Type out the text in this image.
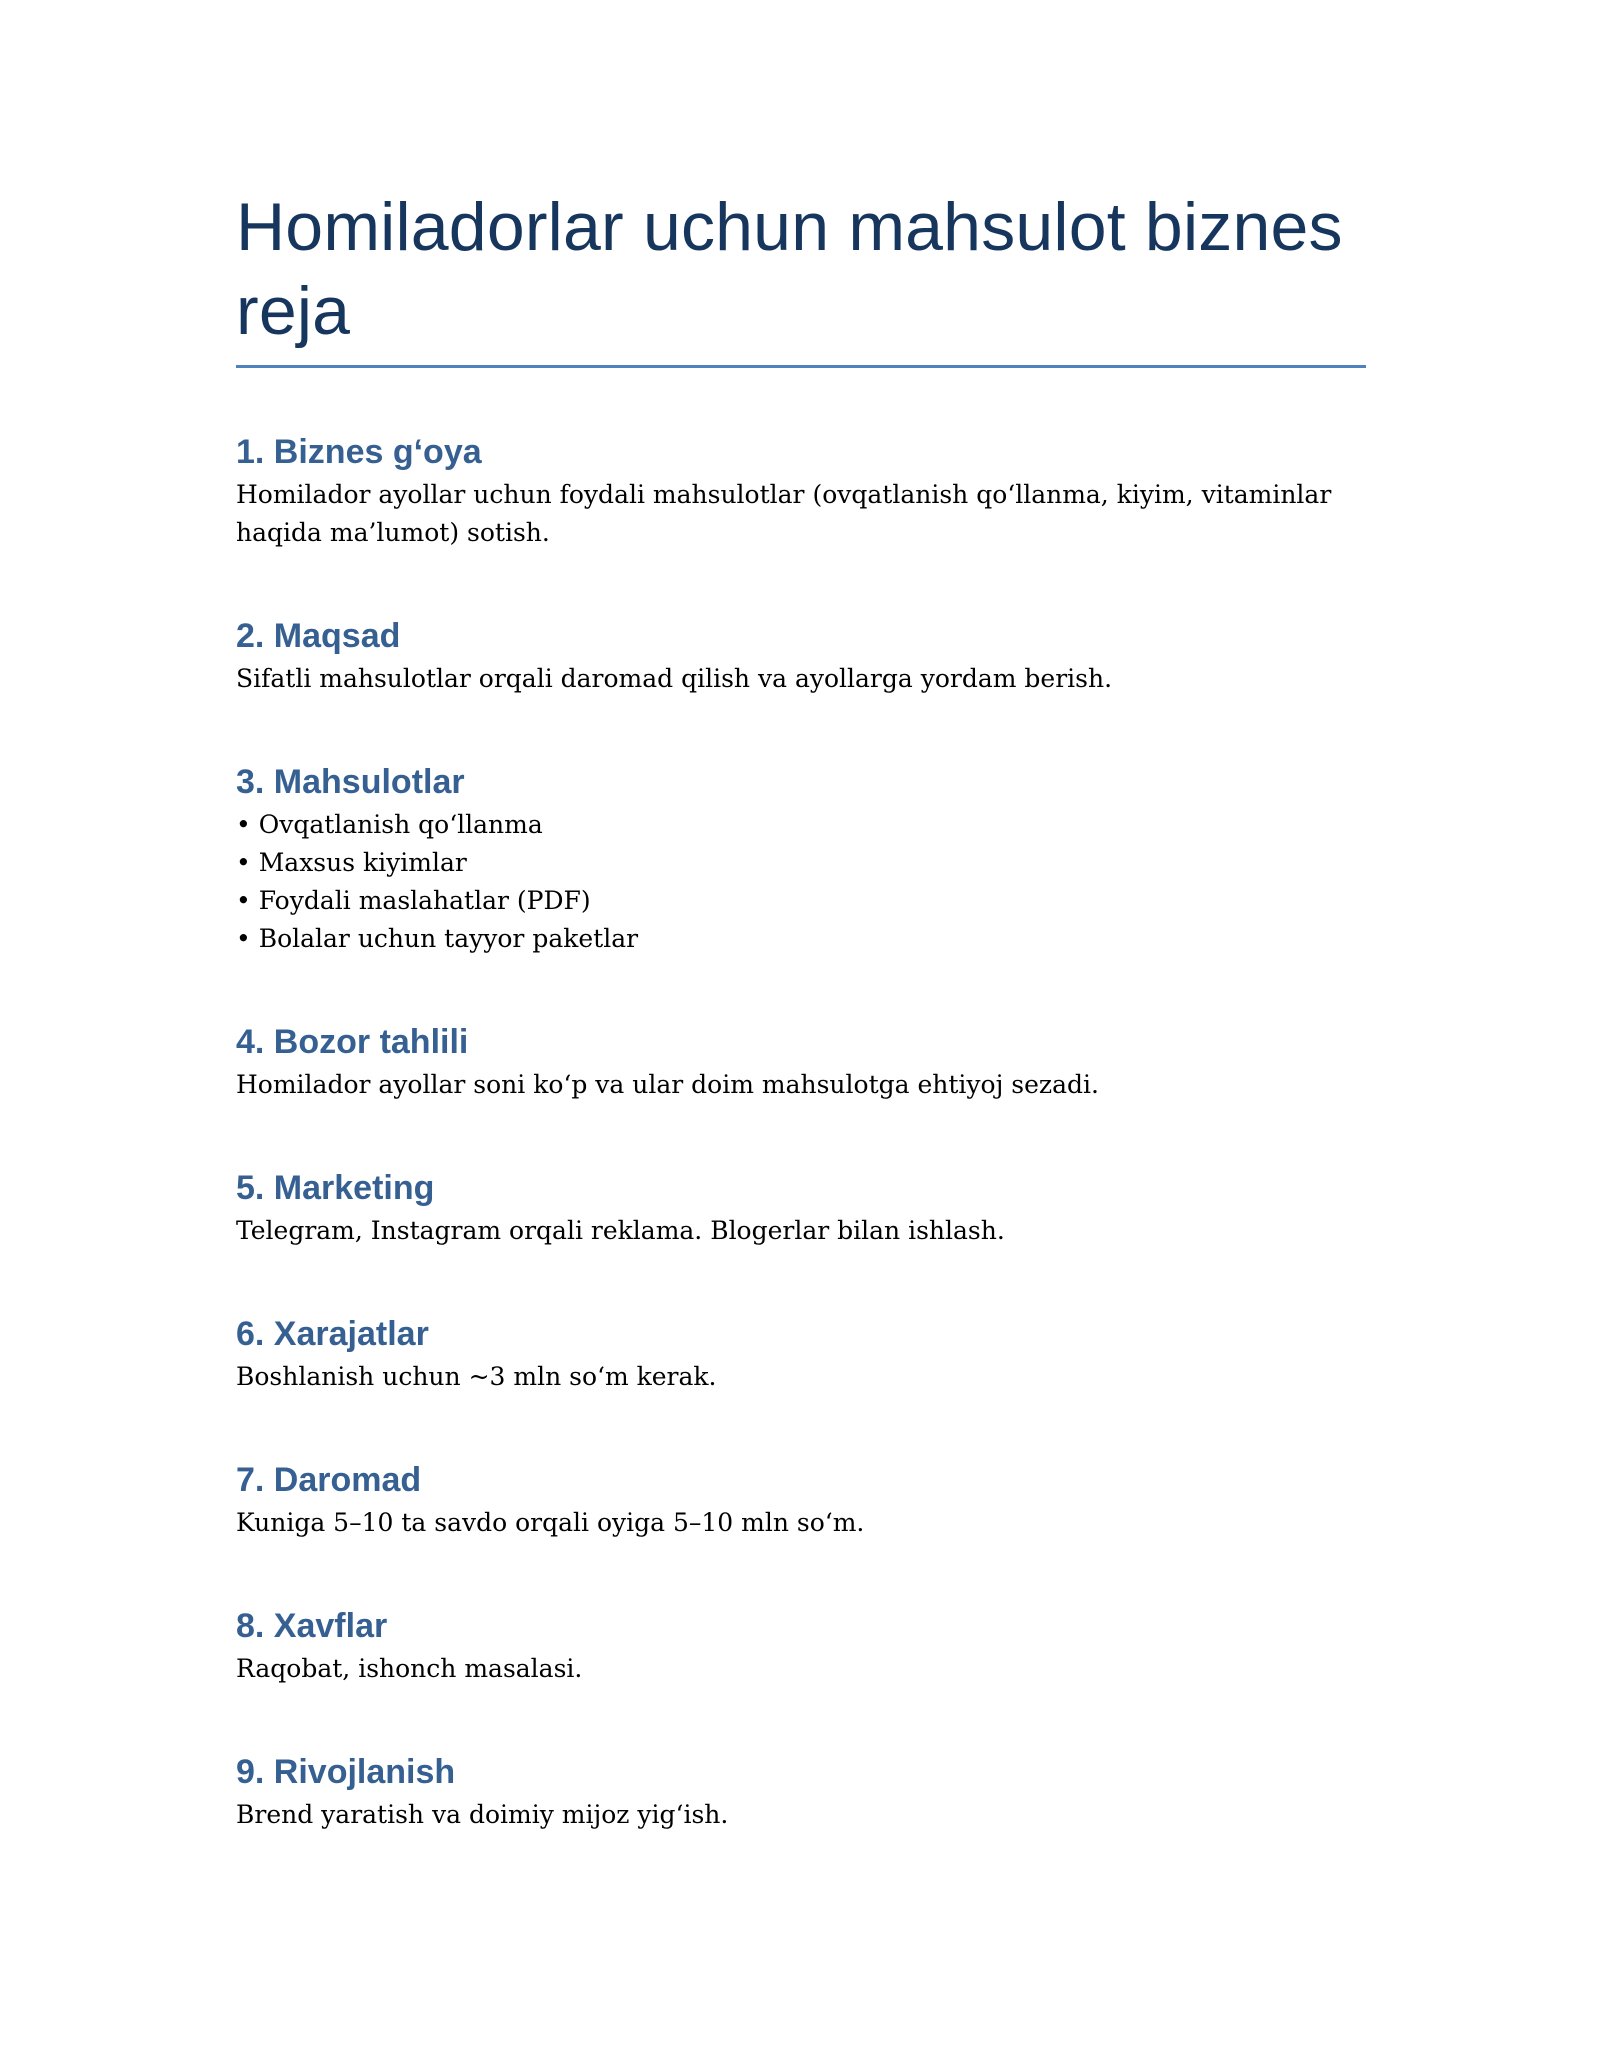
Homiladorlar uchun mahsulot biznes reja
1. Biznes g‘oya

Homilador ayollar uchun foydali mahsulotlar (ovqatlanish qo‘llanma, kiyim, vitaminlar haqida ma’lumot) sotish.

2. Maqsad

Sifatli mahsulotlar orqali daromad qilish va ayollarga yordam berish.

3. Mahsulotlar
• Ovqatlanish qo‘llanma
• Maxsus kiyimlar
• Foydali maslahatlar (PDF)
• Bolalar uchun tayyor paketlar
4. Bozor tahlili

Homilador ayollar soni ko‘p va ular doim mahsulotga ehtiyoj sezadi.

5. Marketing

Telegram, Instagram orqali reklama. Blogerlar bilan ishlash.

6. Xarajatlar

Boshlanish uchun ~3 mln so‘m kerak.

7. Daromad

Kuniga 5–10 ta savdo orqali oyiga 5–10 mln so‘m.

8. Xavflar

Raqobat, ishonch masalasi.

9. Rivojlanish

Brend yaratish va doimiy mijoz yig‘ish.
